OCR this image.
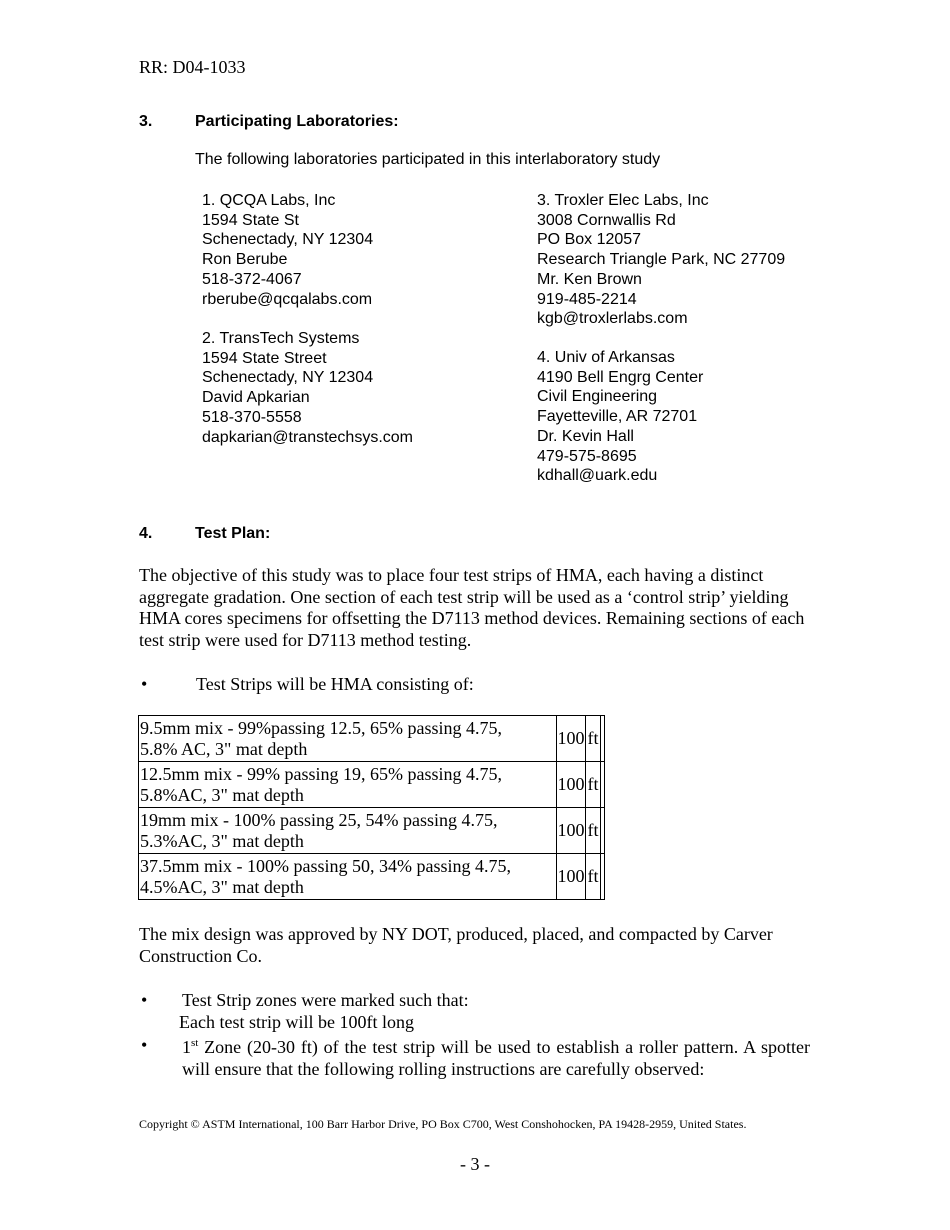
RR: D04-1033
3.	Participating Laboratories:
The following laboratories participated in this interlaboratory study
1. QCQA Labs, Inc
1594 State St
Schenectady, NY 12304
Ron Berube
518-372-4067
rberube@qcqalabs.com
2. TransTech Systems
1594 State Street
Schenectady, NY 12304
David Apkarian
518-370-5558
dapkarian@transtechsys.com
3. Troxler Elec Labs, Inc
3008 Cornwallis Rd
PO Box 12057
Research Triangle Park, NC 27709
Mr. Ken Brown
919-485-2214
kgb@troxlerlabs.com
4. Univ of Arkansas
4190 Bell Engrg Center
Civil Engineering
Fayetteville, AR 72701
Dr. Kevin Hall
479-575-8695
kdhall@uark.edu
4.	Test Plan:
The objective of this study was to place four test strips of HMA, each having a distinct aggregate gradation. One section of each test strip will be used as a ‘control strip’ yielding HMA cores specimens for offsetting the D7113 method devices. Remaining sections of each test strip were used for D7113 method testing.
•	Test Strips will be HMA consisting of:
9.5mm mix - 99%passing 12.5, 65% passing 4.75,
5.8% AC, 3" mat depth	100	ft	
12.5mm mix - 99% passing 19, 65% passing 4.75,
5.8%AC, 3" mat depth	100	ft	
19mm mix - 100% passing 25, 54% passing 4.75,
5.3%AC, 3" mat depth	100	ft	
37.5mm mix - 100% passing 50, 34% passing 4.75,
4.5%AC, 3" mat depth	100	ft	
The mix design was approved by NY DOT, produced, placed, and compacted by Carver Construction Co.
• Test Strip zones were marked such that:
Each test strip will be 100ft long
• 1st Zone (20-30 ft) of the test strip will be used to establish a roller pattern. A spotter will ensure that the following rolling instructions are carefully observed:
Copyright © ASTM International, 100 Barr Harbor Drive, PO Box C700, West Conshohocken, PA 19428-2959, United States.
- 3 -
